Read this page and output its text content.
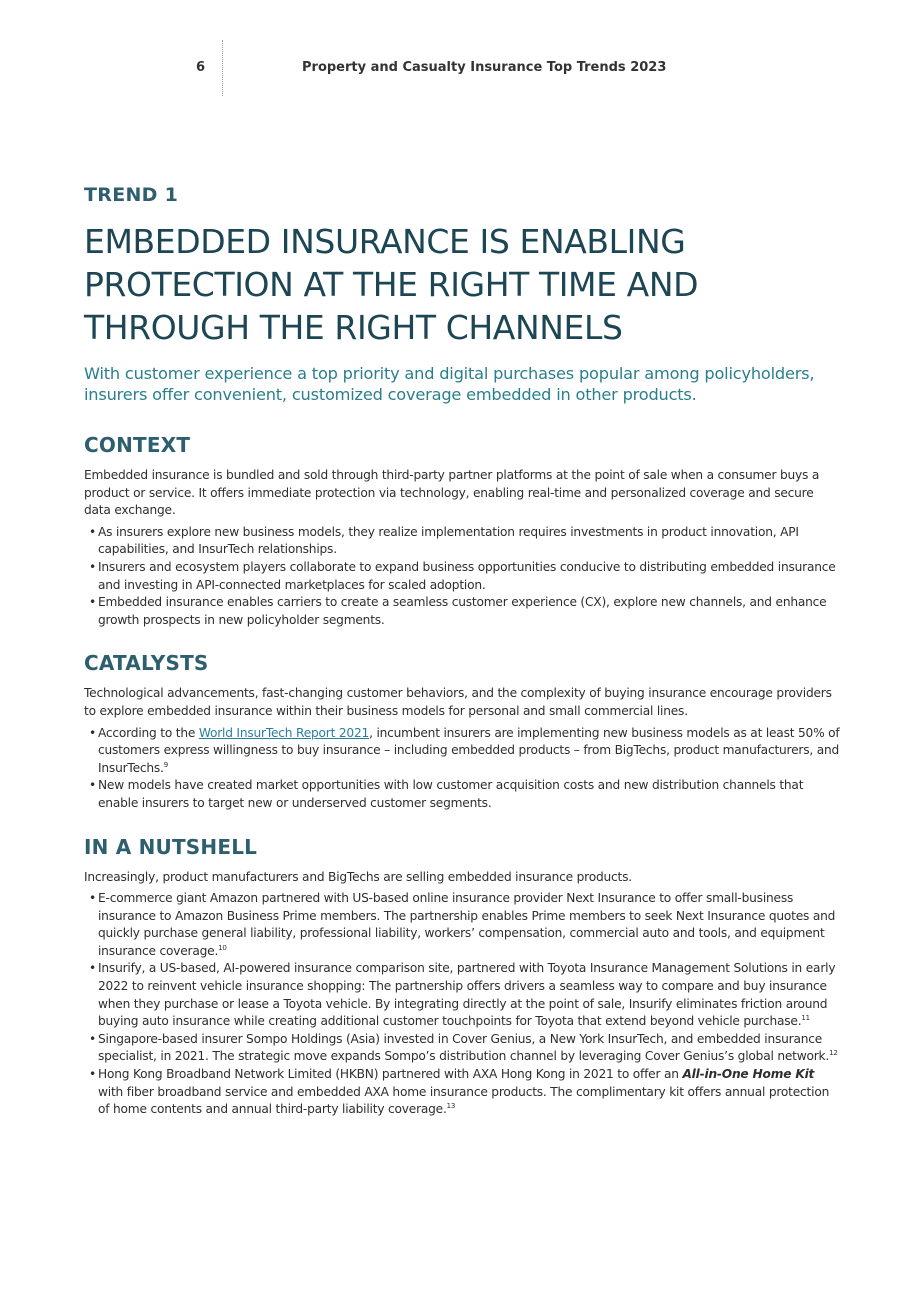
6	Property and Casualty Insurance Top Trends 2023
TREND 1
EMBEDDED INSURANCE IS ENABLING PROTECTION AT THE RIGHT TIME AND THROUGH THE RIGHT CHANNELS
With customer experience a top priority and digital purchases popular among policyholders, insurers offer convenient, customized coverage embedded in other products.
CONTEXT

Embedded insurance is bundled and sold through third-party partner platforms at the point of sale when a consumer buys a product or service. It offers immediate protection via technology, enabling real-time and personalized coverage and secure data exchange.

• As insurers explore new business models, they realize implementation requires investments in product innovation, API capabilities, and InsurTech relationships.
• Insurers and ecosystem players collaborate to expand business opportunities conducive to distributing embedded insurance and investing in API-connected marketplaces for scaled adoption.
• Embedded insurance enables carriers to create a seamless customer experience (CX), explore new channels, and enhance growth prospects in new policyholder segments.
CATALYSTS

Technological advancements, fast-changing customer behaviors, and the complexity of buying insurance encourage providers to explore embedded insurance within their business models for personal and small commercial lines.

• According to the World InsurTech Report 2021, incumbent insurers are implementing new business models as at least 50% of customers express willingness to buy insurance – including embedded products – from BigTechs, product manufacturers, and InsurTechs.$^9$
• New models have created market opportunities with low customer acquisition costs and new distribution channels that enable insurers to target new or underserved customer segments.
IN A NUTSHELL

Increasingly, product manufacturers and BigTechs are selling embedded insurance products.

• E-commerce giant Amazon partnered with US-based online insurance provider Next Insurance to offer small-business insurance to Amazon Business Prime members. The partnership enables Prime members to seek Next Insurance quotes and quickly purchase general liability, professional liability, workers’ compensation, commercial auto and tools, and equipment insurance coverage.$^{10}$
• Insurify, a US-based, AI-powered insurance comparison site, partnered with Toyota Insurance Management Solutions in early 2022 to reinvent vehicle insurance shopping: The partnership offers drivers a seamless way to compare and buy insurance when they purchase or lease a Toyota vehicle. By integrating directly at the point of sale, Insurify eliminates friction around buying auto insurance while creating additional customer touchpoints for Toyota that extend beyond vehicle purchase.$^{11}$
• Singapore-based insurer Sompo Holdings (Asia) invested in Cover Genius, a New York InsurTech, and embedded insurance specialist, in 2021. The strategic move expands Sompo’s distribution channel by leveraging Cover Genius’s global network.$^{12}$
• Hong Kong Broadband Network Limited (HKBN) partnered with AXA Hong Kong in 2021 to offer an All-in-One Home Kit with fiber broadband service and embedded AXA home insurance products. The complimentary kit offers annual protection of home contents and annual third-party liability coverage.$^{13}$
